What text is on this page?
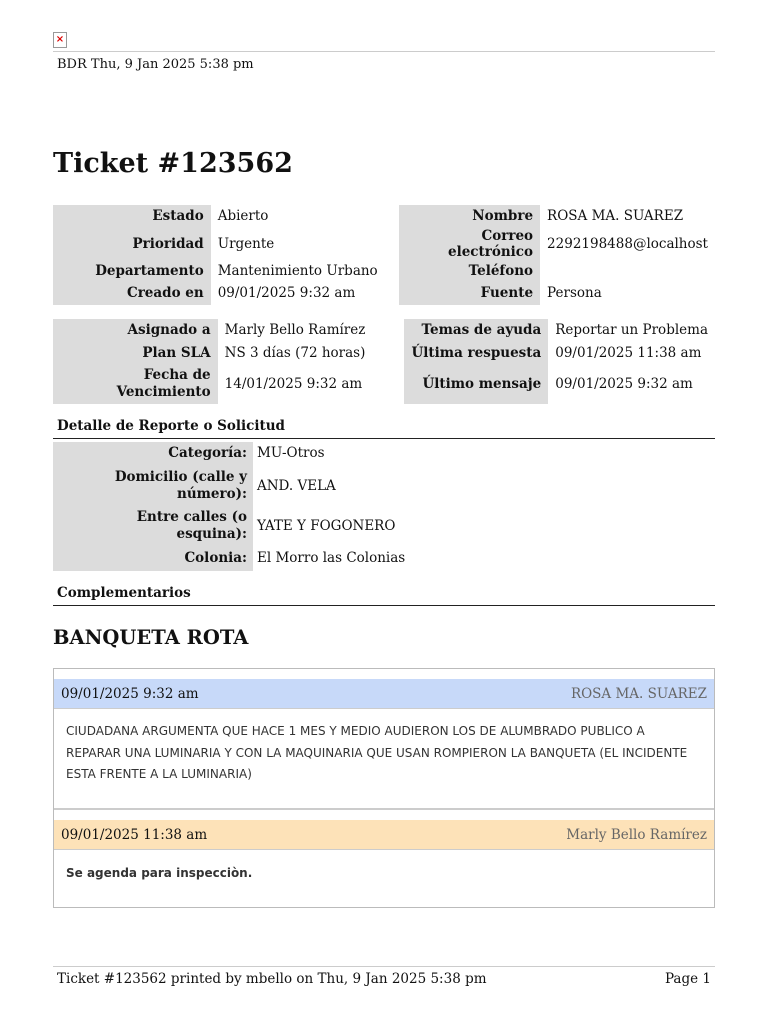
×
BDR Thu, 9 Jan 2025 5:38 pm
Ticket #123562
Estado	Abierto		Nombre	ROSA MA. SUAREZ
Prioridad	Urgente		Correo electrónico	2292198488@localhost
Departamento	Mantenimiento Urbano		Teléfono	
Creado en	09/01/2025 9:32 am		Fuente	Persona
Asignado a	Marly Bello Ramírez		Temas de ayuda	Reportar un Problema
Plan SLA	NS 3 días (72 horas)		Última respuesta	09/01/2025 11:38 am
Fecha de Vencimiento	14/01/2025 9:32 am		Último mensaje	09/01/2025 9:32 am
Detalle de Reporte o Solicitud
Categoría:	MU-Otros
Domicilio (calle y número):	AND. VELA
Entre calles (o esquina):	YATE Y FOGONERO
Colonia:	El Morro las Colonias
Complementarios
BANQUETA ROTA
09/01/2025 9:32 am	ROSA MA. SUAREZ
CIUDADANA ARGUMENTA QUE HACE 1 MES Y MEDIO AUDIERON LOS DE ALUMBRADO PUBLICO A REPARAR UNA LUMINARIA Y CON LA MAQUINARIA QUE USAN ROMPIERON LA BANQUETA (EL INCIDENTE ESTA FRENTE A LA LUMINARIA)
09/01/2025 11:38 am	Marly Bello Ramírez
Se agenda para inspecciòn.
Ticket #123562 printed by mbello on Thu, 9 Jan 2025 5:38 pm	Page 1
